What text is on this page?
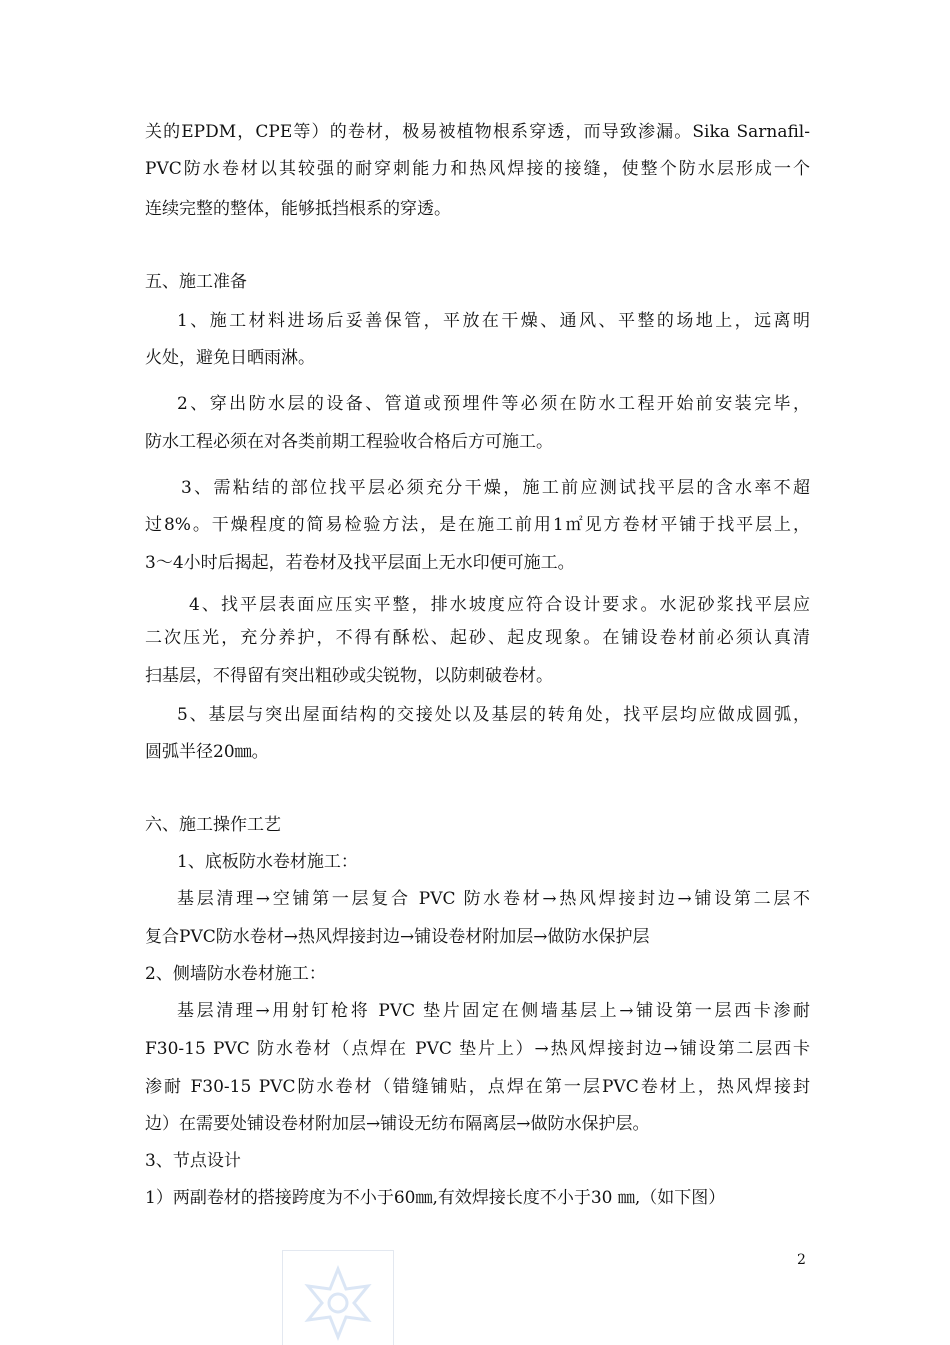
关的EPDM，CPE等）的卷材，极易被植物根系穿透，而导致渗漏。Sika Sarnafil-
PVC防水卷材以其较强的耐穿刺能力和热风焊接的接缝，使整个防水层形成一个
连续完整的整体，能够抵挡根系的穿透。
五、施工准备
1、施工材料进场后妥善保管，平放在干燥、通风、平整的场地上，远离明
火处，避免日晒雨淋。
2、穿出防水层的设备、管道或预埋件等必须在防水工程开始前安装完毕，
防水工程必须在对各类前期工程验收合格后方可施工。
3、需粘结的部位找平层必须充分干燥，施工前应测试找平层的含水率不超
过8%。干燥程度的简易检验方法，是在施工前用1㎡见方卷材平铺于找平层上，
3～4小时后揭起，若卷材及找平层面上无水印便可施工。
4、找平层表面应压实平整，排水坡度应符合设计要求。水泥砂浆找平层应
二次压光，充分养护，不得有酥松、起砂、起皮现象。在铺设卷材前必须认真清
扫基层，不得留有突出粗砂或尖锐物，以防刺破卷材。
5、基层与突出屋面结构的交接处以及基层的转角处，找平层均应做成圆弧，
圆弧半径20㎜。
六、施工操作工艺
1、底板防水卷材施工：
基层清理→空铺第一层复合 PVC 防水卷材→热风焊接封边→铺设第二层不
复合PVC防水卷材→热风焊接封边→铺设卷材附加层→做防水保护层
2、侧墙防水卷材施工：
基层清理→用射钉枪将 PVC 垫片固定在侧墙基层上→铺设第一层西卡渗耐
F30-15 PVC 防水卷材（点焊在 PVC 垫片上）→热风焊接封边→铺设第二层西卡
渗耐 F30-15 PVC防水卷材（错缝铺贴，点焊在第一层PVC卷材上，热风焊接封
边）在需要处铺设卷材附加层→铺设无纺布隔离层→做防水保护层。
3、节点设计
1）两副卷材的搭接跨度为不小于60㎜,有效焊接长度不小于30 ㎜,（如下图）
2
